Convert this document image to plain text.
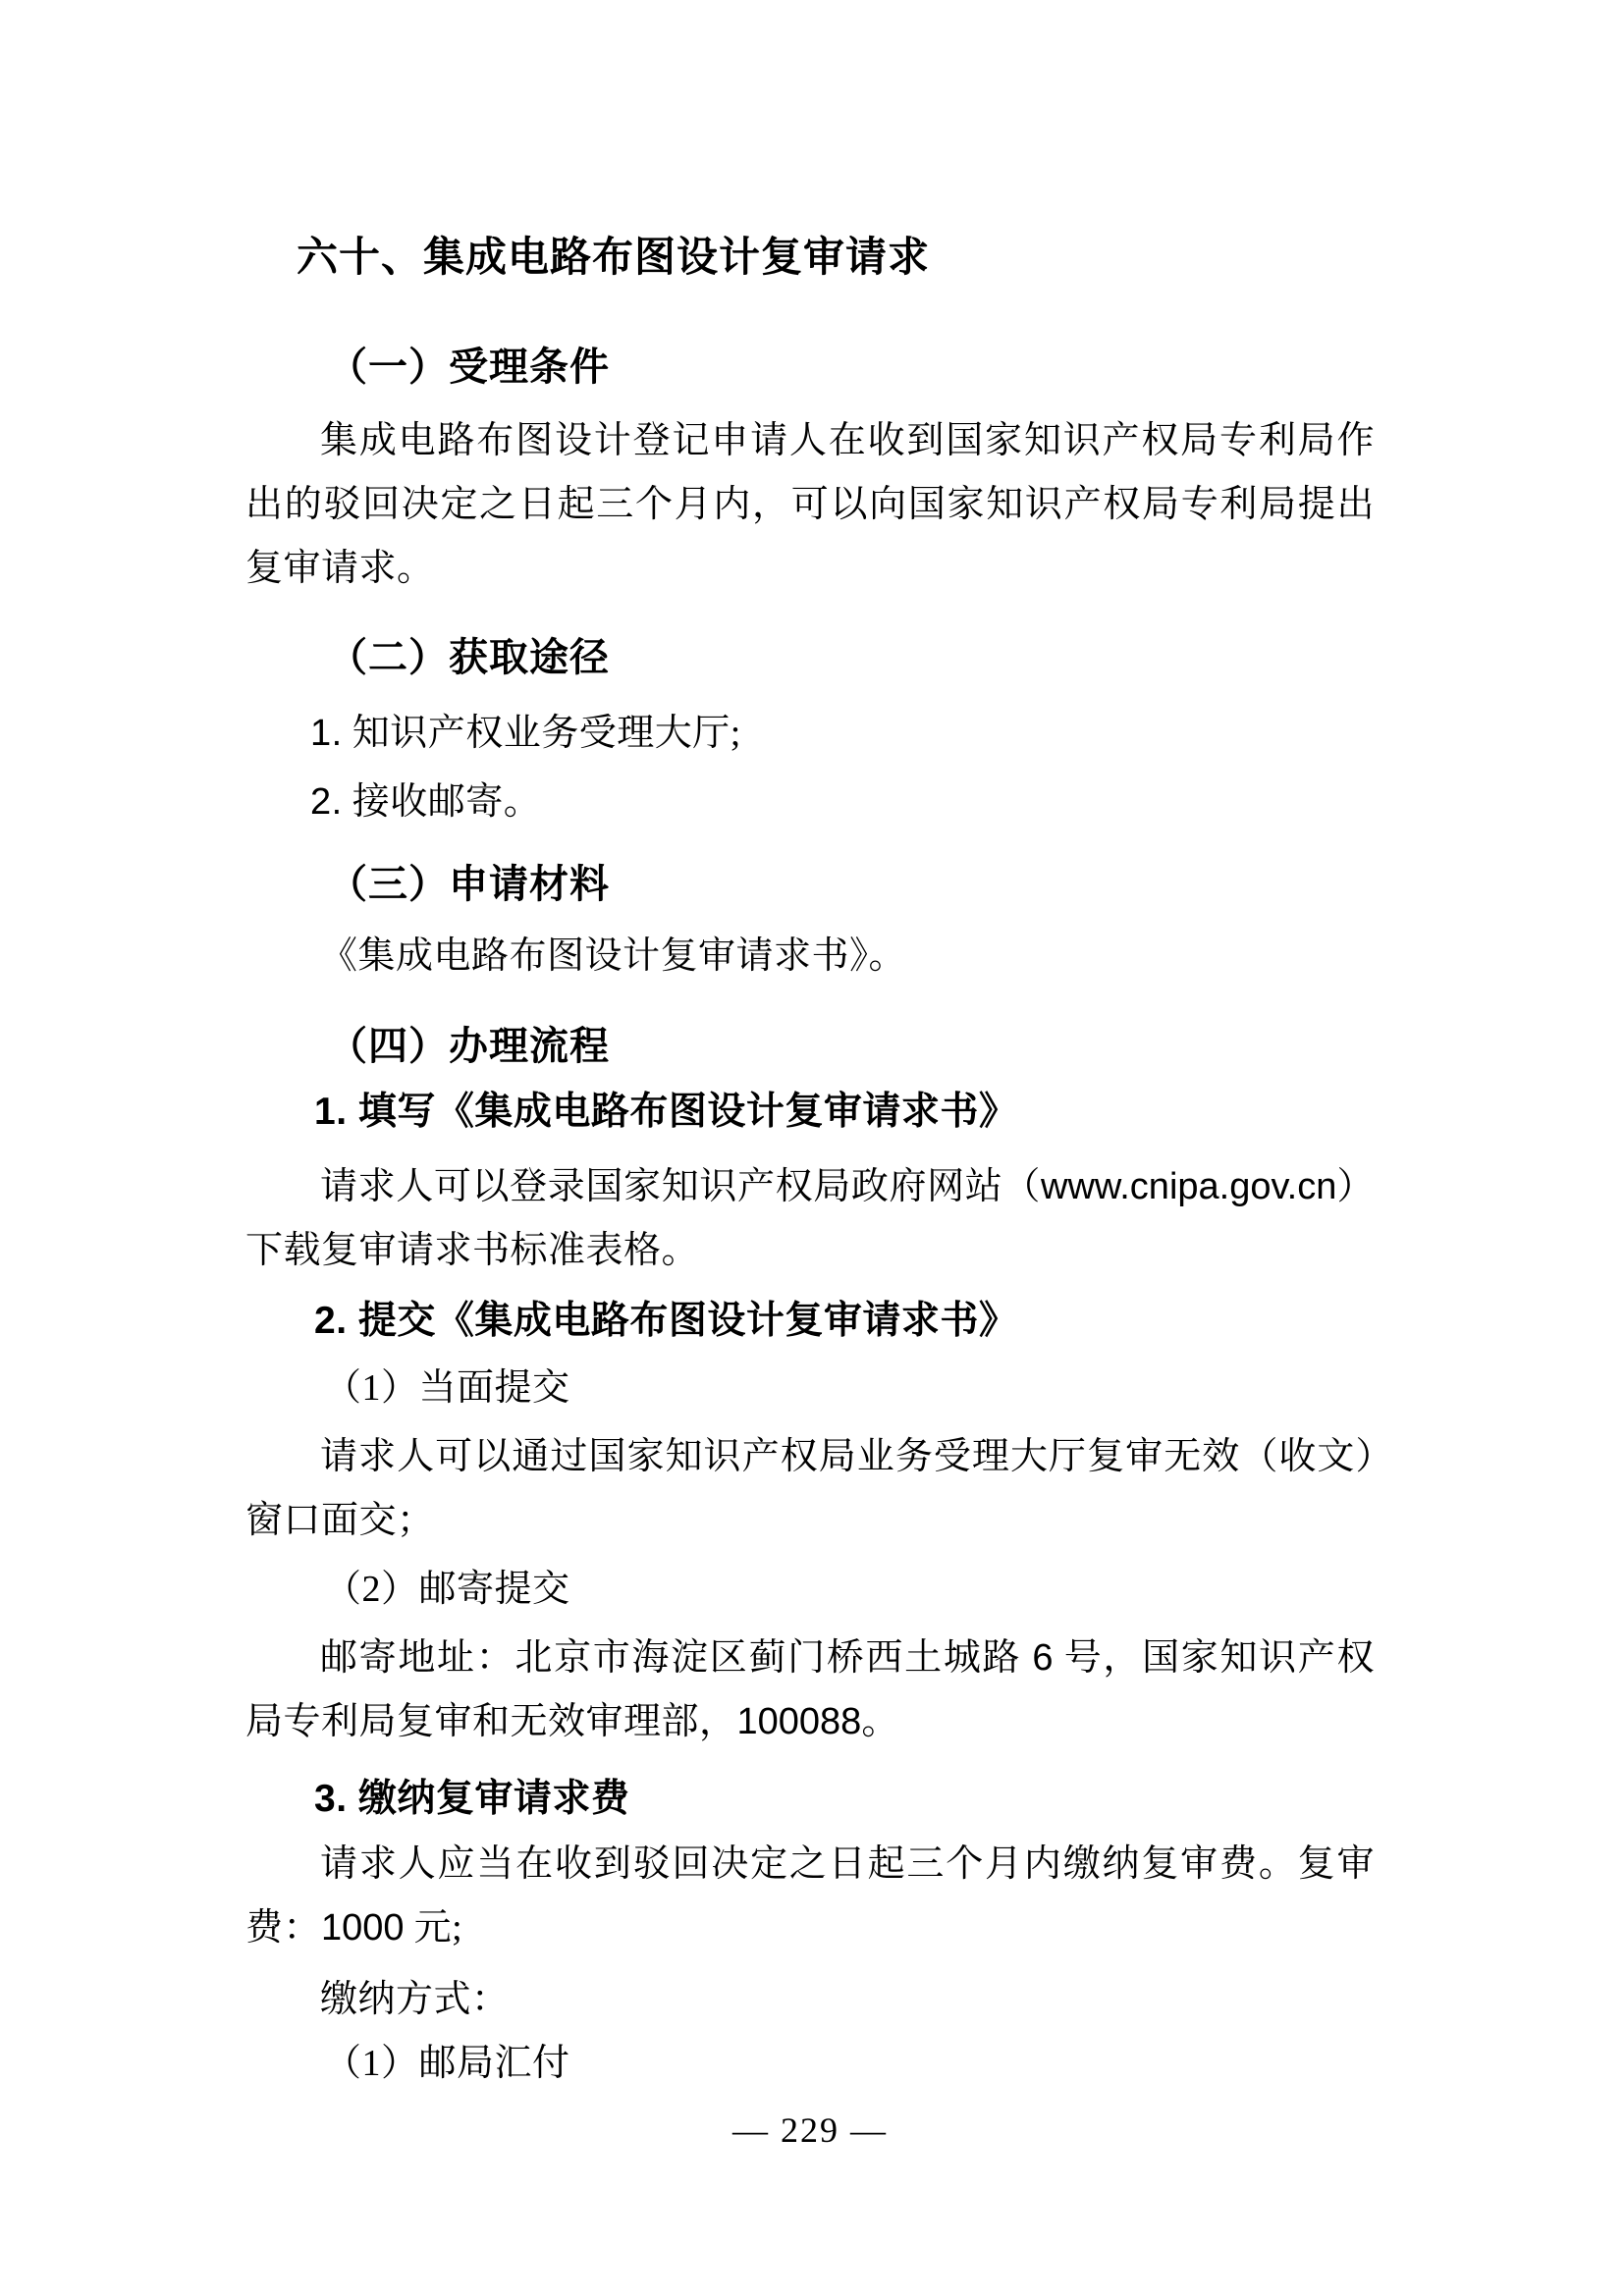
六十、集成电路布图设计复审请求
（一）受理条件

集成电路布图设计登记申请人在收到国家知识产权局专利局作出的驳回决定之日起三个月内，可以向国家知识产权局专利局提出复审请求。

（二）获取途径
1. 知识产权业务受理大厅;
2. 接收邮寄。
（三）申请材料

《集成电路布图设计复审请求书》。

（四）办理流程
1. 填写《集成电路布图设计复审请求书》

请求人可以登录国家知识产权局政府网站（www.cnipa.gov.cn）下载复审请求书标准表格。

2. 提交《集成电路布图设计复审请求书》

（1）当面提交

请求人可以通过国家知识产权局业务受理大厅复审无效（收文）窗口面交；

（2）邮寄提交

邮寄地址：北京市海淀区蓟门桥西土城路 6 号，国家知识产权局专利局复审和无效审理部，100088。

3. 缴纳复审请求费

请求人应当在收到驳回决定之日起三个月内缴纳复审费。复审费：1000 元;

缴纳方式：

（1）邮局汇付

— 229 —
